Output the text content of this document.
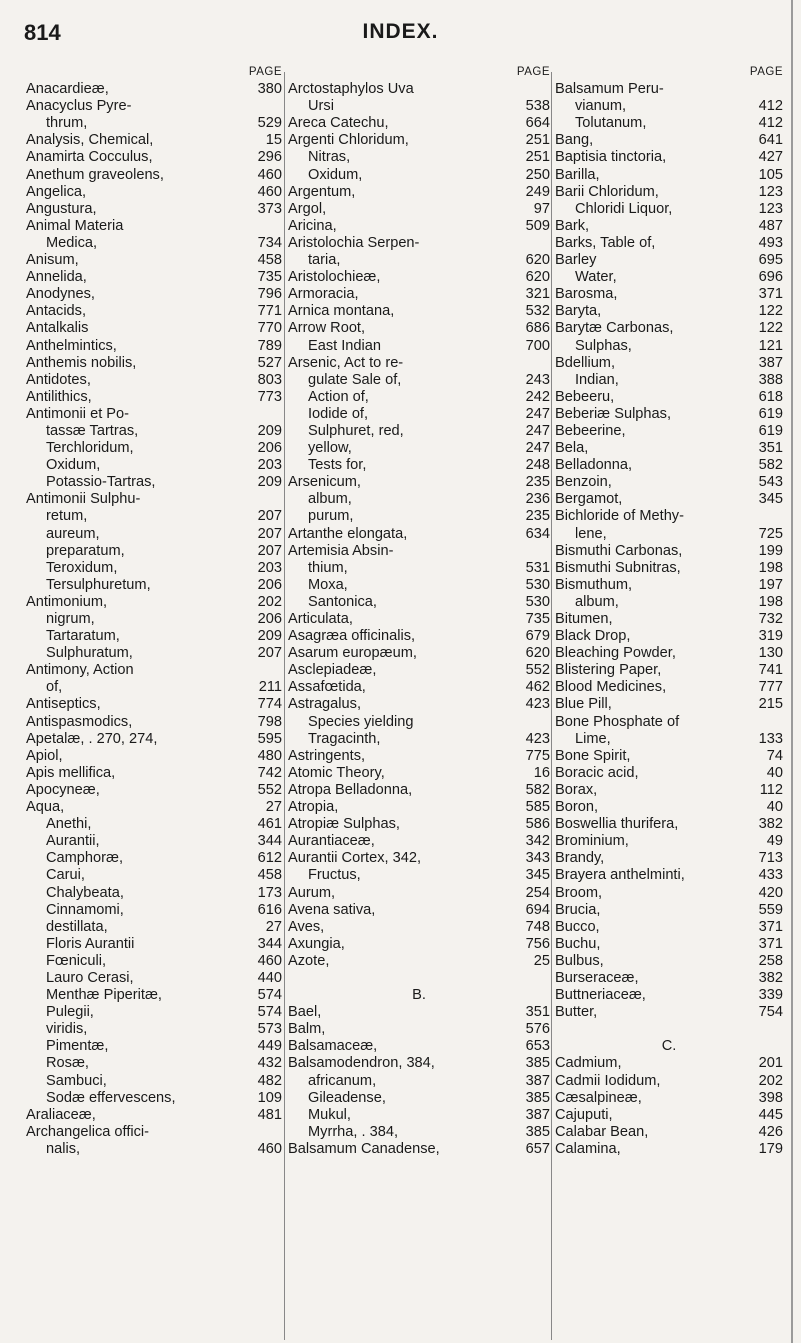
814	INDEX.
PAGE
Anacardieæ,	380
Anacyclus Pyre-
thrum,	529
Analysis, Chemical,	15
Anamirta Cocculus,	296
Anethum graveolens,	460
Angelica,	460
Angustura,	373
Animal Materia
Medica,	734
Anisum,	458
Annelida,	735
Anodynes,	796
Antacids,	771
Antalkalis	770
Anthelmintics,	789
Anthemis nobilis,	527
Antidotes,	803
Antilithics,	773
Antimonii et Po-
tassæ Tartras,	209
Terchloridum,	206
Oxidum,	203
Potassio-Tartras,	209
Antimonii Sulphu-
retum,	207
aureum,	207
preparatum,	207
Teroxidum,	203
Tersulphuretum,	206
Antimonium,	202
nigrum,	206
Tartaratum,	209
Sulphuratum,	207
Antimony, Action
of,	211
Antiseptics,	774
Antispasmodics,	798
Apetalæ, . 270, 274,	595
Apiol,	480
Apis mellifica,	742
Apocyneæ,	552
Aqua,	27
Anethi,	461
Aurantii,	344
Camphoræ,	612
Carui,	458
Chalybeata,	173
Cinnamomi,	616
destillata,	27
Floris Aurantii	344
Fœniculi,	460
Lauro Cerasi,	440
Menthæ Piperitæ,	574
Pulegii,	574
viridis,	573
Pimentæ,	449
Rosæ,	432
Sambuci,	482
Sodæ effervescens,	109
Araliaceæ,	481
Archangelica offici-
nalis,	460
PAGE
Arctostaphylos Uva
Ursi	538
Areca Catechu,	664
Argenti Chloridum,	251
Nitras,	251
Oxidum,	250
Argentum,	249
Argol,	97
Aricina,	509
Aristolochia Serpen-
taria,	620
Aristolochieæ,	620
Armoracia,	321
Arnica montana,	532
Arrow Root,	686
East Indian	700
Arsenic, Act to re-
gulate Sale of,	243
Action of,	242
Iodide of,	247
Sulphuret, red,	247
yellow,	247
Tests for,	248
Arsenicum,	235
album,	236
purum,	235
Artanthe elongata,	634
Artemisia Absin-
thium,	531
Moxa,	530
Santonica,	530
Articulata,	735
Asagræa officinalis,	679
Asarum europæum,	620
Asclepiadeæ,	552
Assafœtida,	462
Astragalus,	423
Species yielding
Tragacinth,	423
Astringents,	775
Atomic Theory,	16
Atropa Belladonna,	582
Atropia,	585
Atropiæ Sulphas,	586
Aurantiaceæ,	342
Aurantii Cortex, 342,	343
Fructus,	345
Aurum,	254
Avena sativa,	694
Aves,	748
Axungia,	756
Azote,	25
B.
Bael,	351
Balm,	576
Balsamaceæ,	653
Balsamodendron, 384,	385
africanum,	387
Gileadense,	385
Mukul,	387
Myrrha, . 384,	385
Balsamum Canadense,	657
PAGE
Balsamum Peru-
vianum,	412
Tolutanum,	412
Bang,	641
Baptisia tinctoria,	427
Barilla,	105
Barii Chloridum,	123
Chloridi Liquor,	123
Bark,	487
Barks, Table of,	493
Barley	695
Water,	696
Barosma,	371
Baryta,	122
Barytæ Carbonas,	122
Sulphas,	121
Bdellium,	387
Indian,	388
Bebeeru,	618
Beberiæ Sulphas,	619
Bebeerine,	619
Bela,	351
Belladonna,	582
Benzoin,	543
Bergamot,	345
Bichloride of Methy-
lene,	725
Bismuthi Carbonas,	199
Bismuthi Subnitras,	198
Bismuthum,	197
album,	198
Bitumen,	732
Black Drop,	319
Bleaching Powder,	130
Blistering Paper,	741
Blood Medicines,	777
Blue Pill,	215
Bone Phosphate of
Lime,	133
Bone Spirit,	74
Boracic acid,	40
Borax,	112
Boron,	40
Boswellia thurifera,	382
Brominium,	49
Brandy,	713
Brayera anthelminti,	433
Broom,	420
Brucia,	559
Bucco,	371
Buchu,	371
Bulbus,	258
Burseraceæ,	382
Buttneriaceæ,	339
Butter,	754
C.
Cadmium,	201
Cadmii Iodidum,	202
Cæsalpineæ,	398
Cajuputi,	445
Calabar Bean,	426
Calamina,	179
